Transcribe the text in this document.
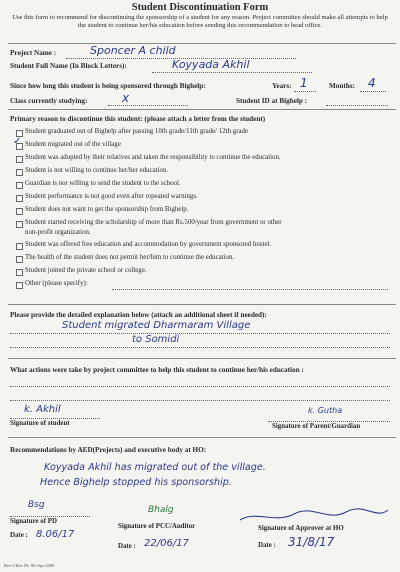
Student Discontinuation Form
Use this form to recommend for discontinuing the sponsorship of a student for any reason. Project committee should make all attempts to help the student to continue her/his education before sending this recommendation to head office.
Project Name :	Sponcer A child
Student Full Name (In Block Letters):	Koyyada Akhil
Since how long this student is being sponsored through Bighelp:	Years: 1	Months: 4
Class currently studying:	x	Student ID at Bighelp :
Primary reason to discontinue this student: (please attach a letter from the student)
Student graduated out of Bighelp after passing 10th grade/11th grade/ 12th grade
✓ Student migrated out of the village
Student was adopted by their relatives and taken the responsibility to continue the education.
Student is not willing to continue her/her education.
Guardian is not willing to send the student to the school.
Student performance is not good even after repeated warnings.
Student does not want to get the sponsorship from Bighelp.
Student started receiving the scholarship of more than Rs.500/year from government or other
non-profit organization.
Student was offered free education and accommodation by government sponsored hostel.
The health of the student does not permit her/him to continue the education.
Student joined the private school or college.
Other (please specify):
Please provide the detailed explanation below (attach an additional sheet if needed):
Student migrated Dharmaram Village
to Somidi
What actions were take by project committee to help this student to continue her/his education :
k. Akhil
Signature of student
k. Gutha
Signature of Parent/Guardian
Recommendations by AED(Projects) and executive body at HO:
Koyyada Akhil has migrated out of the village.
Hence Bighelp stopped his sponsorship.
Bsg
Signature of PD
Date : 8.06/17
Bhalg
Signature of PCC/Auditor
Date : 22/06/17
Signature of Approver at HO
Date : 31/8/17
Rev 0 Rev Dt: 06-Apr-2008
